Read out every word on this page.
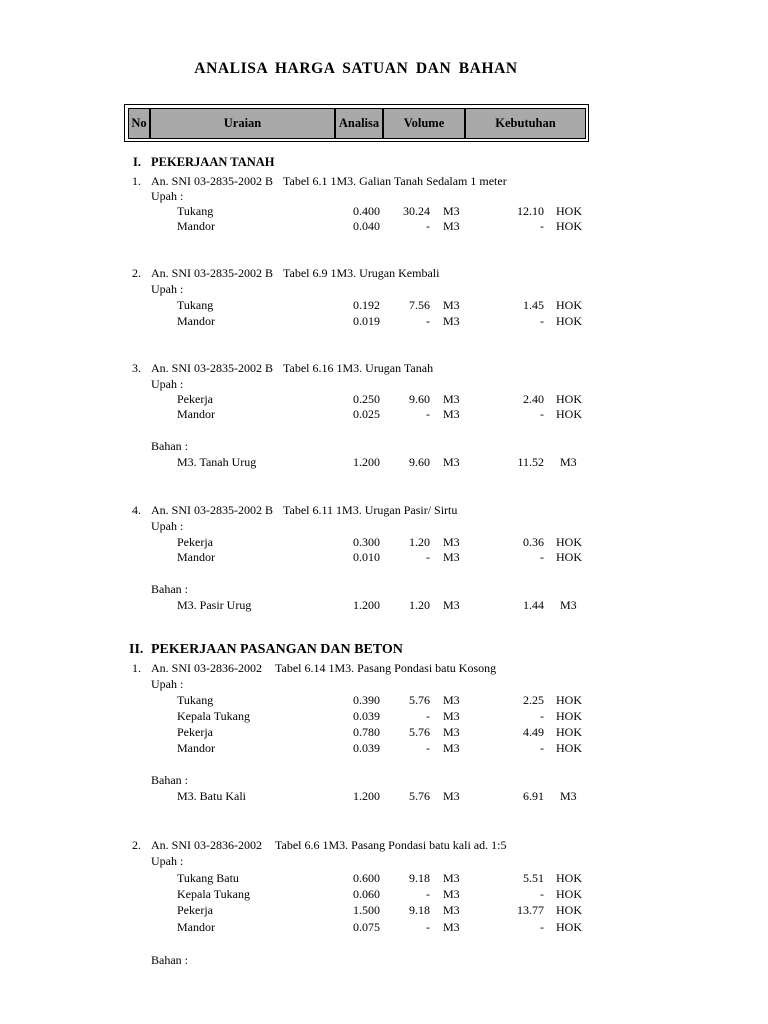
ANALISA HARGA SATUAN DAN BAHAN
No	Uraian	Analisa	Volume	Kebutuhan
I. PEKERJAAN TANAH
1. An. SNI 03-2835-2002 B Tabel 6.1 1M3. Galian Tanah Sedalam 1 meter
Upah :
Tukang	0.400	30.24 M3	12.10 HOK
Mandor	0.040	- M3	- HOK
2. An. SNI 03-2835-2002 B Tabel 6.9 1M3. Urugan Kembali
Upah :
Tukang	0.192	7.56 M3	1.45 HOK
Mandor	0.019	- M3	- HOK
3. An. SNI 03-2835-2002 B Tabel 6.16 1M3. Urugan Tanah
Upah :
Pekerja	0.250	9.60 M3	2.40 HOK
Mandor	0.025	- M3	- HOK
Bahan :
M3. Tanah Urug	1.200	9.60 M3	11.52 M3
4. An. SNI 03-2835-2002 B Tabel 6.11 1M3. Urugan Pasir/ Sirtu
Upah :
Pekerja	0.300	1.20 M3	0.36 HOK
Mandor	0.010	- M3	- HOK
Bahan :
M3. Pasir Urug	1.200	1.20 M3	1.44 M3
II. PEKERJAAN PASANGAN DAN BETON
1. An. SNI 03-2836-2002 Tabel 6.14 1M3. Pasang Pondasi batu Kosong
Upah :
Tukang	0.390	5.76 M3	2.25 HOK
Kepala Tukang	0.039	- M3	- HOK
Pekerja	0.780	5.76 M3	4.49 HOK
Mandor	0.039	- M3	- HOK
Bahan :
M3. Batu Kali	1.200	5.76 M3	6.91 M3
2. An. SNI 03-2836-2002 Tabel 6.6 1M3. Pasang Pondasi batu kali ad. 1:5
Upah :
Tukang Batu	0.600	9.18 M3	5.51 HOK
Kepala Tukang	0.060	- M3	- HOK
Pekerja	1.500	9.18 M3	13.77 HOK
Mandor	0.075	- M3	- HOK
Bahan :
